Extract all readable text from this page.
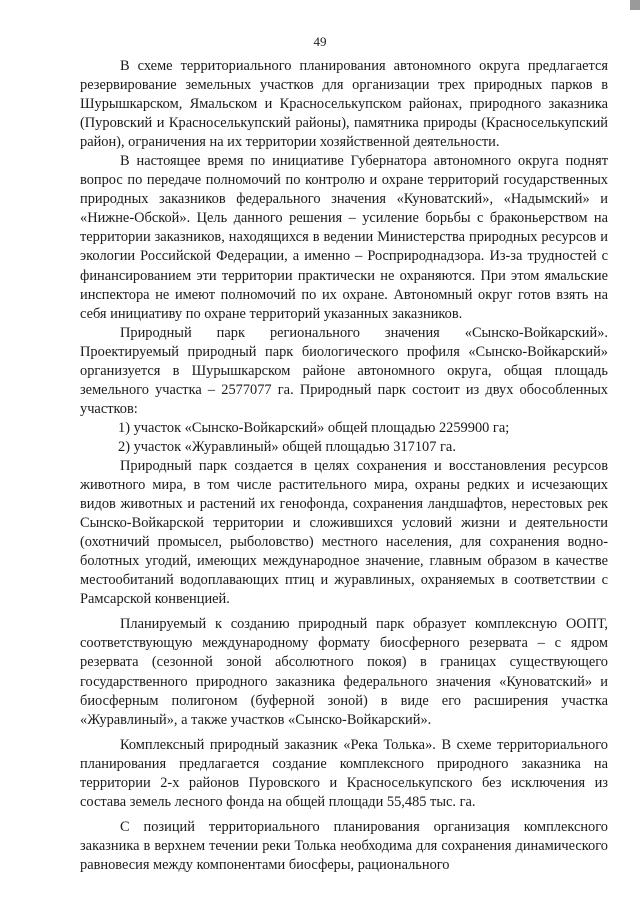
49

В схеме территориального планирования автономного округа предлагается резервирование земельных участков для организации трех природных парков в Шурышкарском, Ямальском и Красноселькупском районах, природного заказника (Пуровский и Красноселькупский районы), памятника природы (Красноселькупский район), ограничения на их территории хозяйственной деятельности.

В настоящее время по инициативе Губернатора автономного округа поднят вопрос по передаче полномочий по контролю и охране территорий государственных природных заказников федерального значения «Куноватский», «Надымский» и «Нижне-Обской». Цель данного решения – усиление борьбы с браконьерством на территории заказников, находящихся в ведении Министерства природных ресурсов и экологии Российской Федерации, а именно – Росприроднадзора. Из-за трудностей с финансированием эти территории практически не охраняются. При этом ямальские инспектора не имеют полномочий по их охране. Автономный округ готов взять на себя инициативу по охране территорий указанных заказников.

Природный парк регионального значения «Сынско-Войкарский». Проектируемый природный парк биологического профиля «Сынско-Войкарский» организуется в Шурышкарском районе автономного округа, общая площадь земельного участка – 2577077 га. Природный парк состоит из двух обособленных участков:

1) участок «Сынско-Войкарский» общей площадью 2259900 га;

2) участок «Журавлиный» общей площадью 317107 га.

Природный парк создается в целях сохранения и восстановления ресурсов животного мира, в том числе растительного мира, охраны редких и исчезающих видов животных и растений их генофонда, сохранения ландшафтов, нерестовых рек Сынско-Войкарской территории и сложившихся условий жизни и деятельности (охотничий промысел, рыболовство) местного населения, для сохранения водно-болотных угодий, имеющих международное значение, главным образом в качестве местообитаний водоплавающих птиц и журавлиных, охраняемых в соответствии с Рамсарской конвенцией.

Планируемый к созданию природный парк образует комплексную ООПТ, соответствующую международному формату биосферного резервата – с ядром резервата (сезонной зоной абсолютного покоя) в границах существующего государственного природного заказника федерального значения «Куноватский» и биосферным полигоном (буферной зоной) в виде его расширения участка «Журавлиный», а также участков «Сынско-Войкарский».

Комплексный природный заказник «Река Толька». В схеме территориального планирования предлагается создание комплексного природного заказника на территории 2-х районов Пуровского и Красноселькупского без исключения из состава земель лесного фонда на общей площади 55,485 тыс. га.

С позиций территориального планирования организация комплексного заказника в верхнем течении реки Толька необходима для сохранения динамического равновесия между компонентами биосферы, рационального
